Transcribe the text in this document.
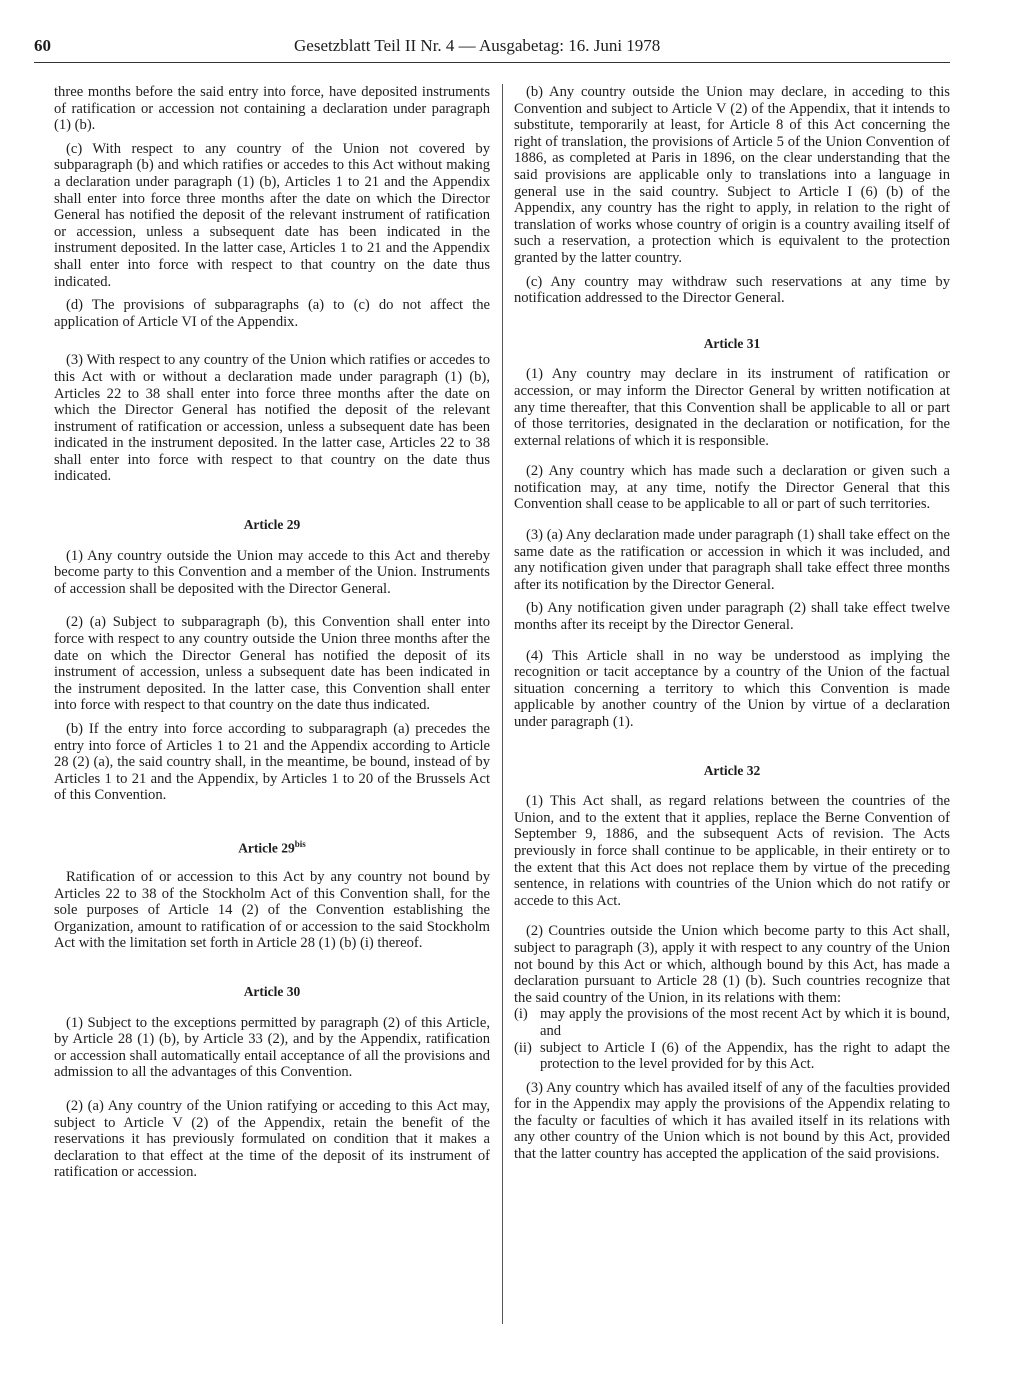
60	Gesetzblatt Teil II Nr. 4 — Ausgabetag: 16. Juni 1978

three months before the said entry into force, have deposited instruments of ratification or accession not containing a declaration under paragraph (1) (b).

(c) With respect to any country of the Union not covered by subparagraph (b) and which ratifies or accedes to this Act without making a declaration under paragraph (1) (b), Articles 1 to 21 and the Appendix shall enter into force three months after the date on which the Director General has notified the deposit of the relevant instrument of ratification or accession, unless a subsequent date has been indicated in the instrument deposited. In the latter case, Articles 1 to 21 and the Appendix shall enter into force with respect to that country on the date thus indicated.

(d) The provisions of subparagraphs (a) to (c) do not affect the application of Article VI of the Appendix.

(3) With respect to any country of the Union which ratifies or accedes to this Act with or without a declaration made under paragraph (1) (b), Articles 22 to 38 shall enter into force three months after the date on which the Director General has notified the deposit of the relevant instrument of ratification or accession, unless a subsequent date has been indicated in the instrument deposited. In the latter case, Articles 22 to 38 shall enter into force with respect to that country on the date thus indicated.

Article 29

(1) Any country outside the Union may accede to this Act and thereby become party to this Convention and a member of the Union. Instruments of accession shall be deposited with the Director General.

(2) (a) Subject to subparagraph (b), this Convention shall enter into force with respect to any country outside the Union three months after the date on which the Director General has notified the deposit of its instrument of accession, unless a subsequent date has been indicated in the instrument deposited. In the latter case, this Convention shall enter into force with respect to that country on the date thus indicated.

(b) If the entry into force according to subparagraph (a) precedes the entry into force of Articles 1 to 21 and the Appendix according to Article 28 (2) (a), the said country shall, in the meantime, be bound, instead of by Articles 1 to 21 and the Appendix, by Articles 1 to 20 of the Brussels Act of this Convention.

Article $29^{bis}$

Ratification of or accession to this Act by any country not bound by Articles 22 to 38 of the Stockholm Act of this Convention shall, for the sole purposes of Article 14 (2) of the Convention establishing the Organization, amount to ratification of or accession to the said Stockholm Act with the limitation set forth in Article 28 (1) (b) (i) thereof.

Article 30

(1) Subject to the exceptions permitted by paragraph (2) of this Article, by Article 28 (1) (b), by Article 33 (2), and by the Appendix, ratification or accession shall automatically entail acceptance of all the provisions and admission to all the advantages of this Convention.

(2) (a) Any country of the Union ratifying or acceding to this Act may, subject to Article V (2) of the Appendix, retain the benefit of the reservations it has previously formulated on condition that it makes a declaration to that effect at the time of the deposit of its instrument of ratification or accession.

(b) Any country outside the Union may declare, in acceding to this Convention and subject to Article V (2) of the Appendix, that it intends to substitute, temporarily at least, for Article 8 of this Act concerning the right of translation, the provisions of Article 5 of the Union Convention of 1886, as completed at Paris in 1896, on the clear understanding that the said provisions are applicable only to translations into a language in general use in the said country. Subject to Article I (6) (b) of the Appendix, any country has the right to apply, in relation to the right of translation of works whose country of origin is a country availing itself of such a reservation, a protection which is equivalent to the protection granted by the latter country.

(c) Any country may withdraw such reservations at any time by notification addressed to the Director General.

Article 31

(1) Any country may declare in its instrument of ratification or accession, or may inform the Director General by written notification at any time thereafter, that this Convention shall be applicable to all or part of those territories, designated in the declaration or notification, for the external relations of which it is responsible.

(2) Any country which has made such a declaration or given such a notification may, at any time, notify the Director General that this Convention shall cease to be applicable to all or part of such territories.

(3) (a) Any declaration made under paragraph (1) shall take effect on the same date as the ratification or accession in which it was included, and any notification given under that paragraph shall take effect three months after its notification by the Director General.

(b) Any notification given under paragraph (2) shall take effect twelve months after its receipt by the Director General.

(4) This Article shall in no way be understood as implying the recognition or tacit acceptance by a country of the Union of the factual situation concerning a territory to which this Convention is made applicable by another country of the Union by virtue of a declaration under paragraph (1).

Article 32

(1) This Act shall, as regard relations between the countries of the Union, and to the extent that it applies, replace the Berne Convention of September 9, 1886, and the subsequent Acts of revision. The Acts previously in force shall continue to be applicable, in their entirety or to the extent that this Act does not replace them by virtue of the preceding sentence, in relations with countries of the Union which do not ratify or accede to this Act.

(2) Countries outside the Union which become party to this Act shall, subject to paragraph (3), apply it with respect to any country of the Union not bound by this Act or which, although bound by this Act, has made a declaration pursuant to Article 28 (1) (b). Such countries recognize that the said country of the Union, in its relations with them:

(i) may apply the provisions of the most recent Act by which it is bound, and
(ii) subject to Article I (6) of the Appendix, has the right to adapt the protection to the level provided for by this Act.

(3) Any country which has availed itself of any of the faculties provided for in the Appendix may apply the provisions of the Appendix relating to the faculty or faculties of which it has availed itself in its relations with any other country of the Union which is not bound by this Act, provided that the latter country has accepted the application of the said provisions.
